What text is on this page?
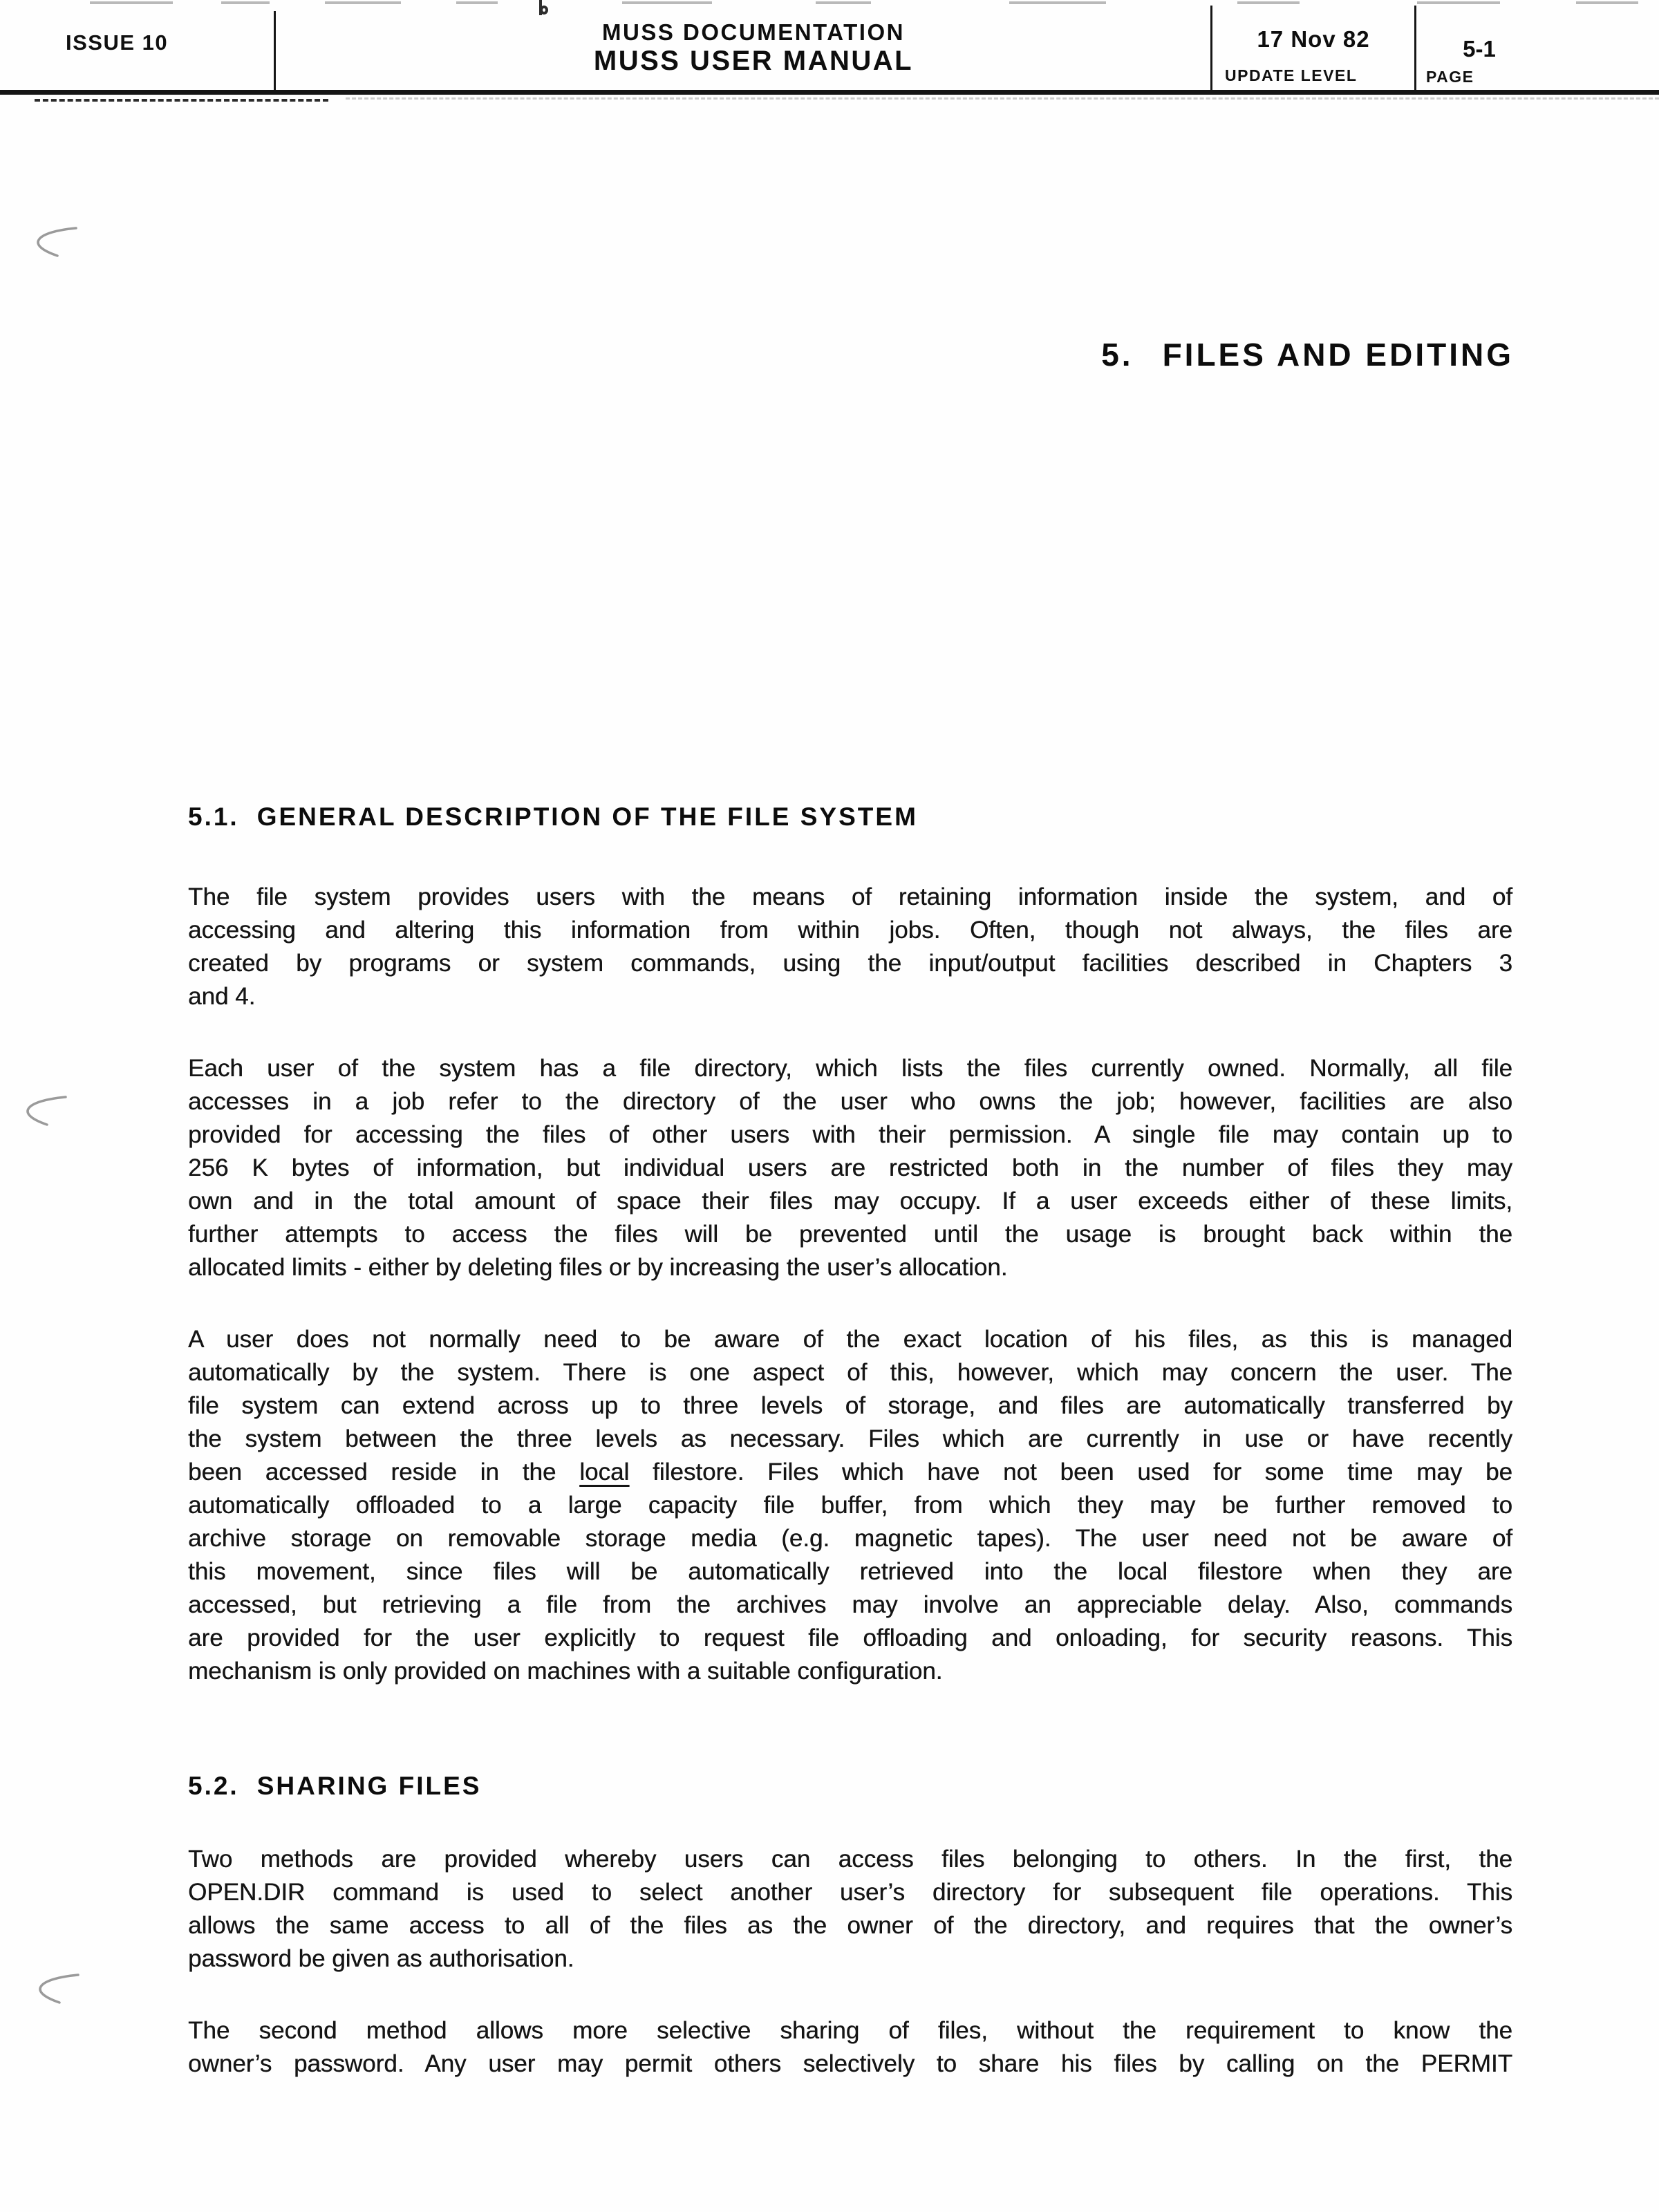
ISSUE 10	MUSS DOCUMENTATION
MUSS USER MANUAL
17 Nov 82
UPDATE LEVEL
5-1
PAGE
5. FILES AND EDITING
5.1. GENERAL DESCRIPTION OF THE FILE SYSTEM

The file system provides users with the means of retaining information inside the system, and of
accessing and altering this information from within jobs. Often, though not always, the files are
created by programs or system commands, using the input/output facilities described in Chapters 3
and 4.

Each user of the system has a file directory, which lists the files currently owned. Normally, all file
accesses in a job refer to the directory of the user who owns the job; however, facilities are also
provided for accessing the files of other users with their permission. A single file may contain up to
256 K bytes of information, but individual users are restricted both in the number of files they may
own and in the total amount of space their files may occupy. If a user exceeds either of these limits,
further attempts to access the files will be prevented until the usage is brought back within the
allocated limits - either by deleting files or by increasing the user’s allocation.

A user does not normally need to be aware of the exact location of his files, as this is managed
automatically by the system. There is one aspect of this, however, which may concern the user. The
file system can extend across up to three levels of storage, and files are automatically transferred by
the system between the three levels as necessary. Files which are currently in use or have recently
been accessed reside in the local filestore. Files which have not been used for some time may be
automatically offloaded to a large capacity file buffer, from which they may be further removed to
archive storage on removable storage media (e.g. magnetic tapes). The user need not be aware of
this movement, since files will be automatically retrieved into the local filestore when they are
accessed, but retrieving a file from the archives may involve an appreciable delay. Also, commands
are provided for the user explicitly to request file offloading and onloading, for security reasons. This
mechanism is only provided on machines with a suitable configuration.

5.2. SHARING FILES

Two methods are provided whereby users can access files belonging to others. In the first, the
OPEN.DIR command is used to select another user’s directory for subsequent file operations. This
allows the same access to all of the files as the owner of the directory, and requires that the owner’s
password be given as authorisation.

The second method allows more selective sharing of files, without the requirement to know the
owner’s password. Any user may permit others selectively to share his files by calling on the PERMIT
